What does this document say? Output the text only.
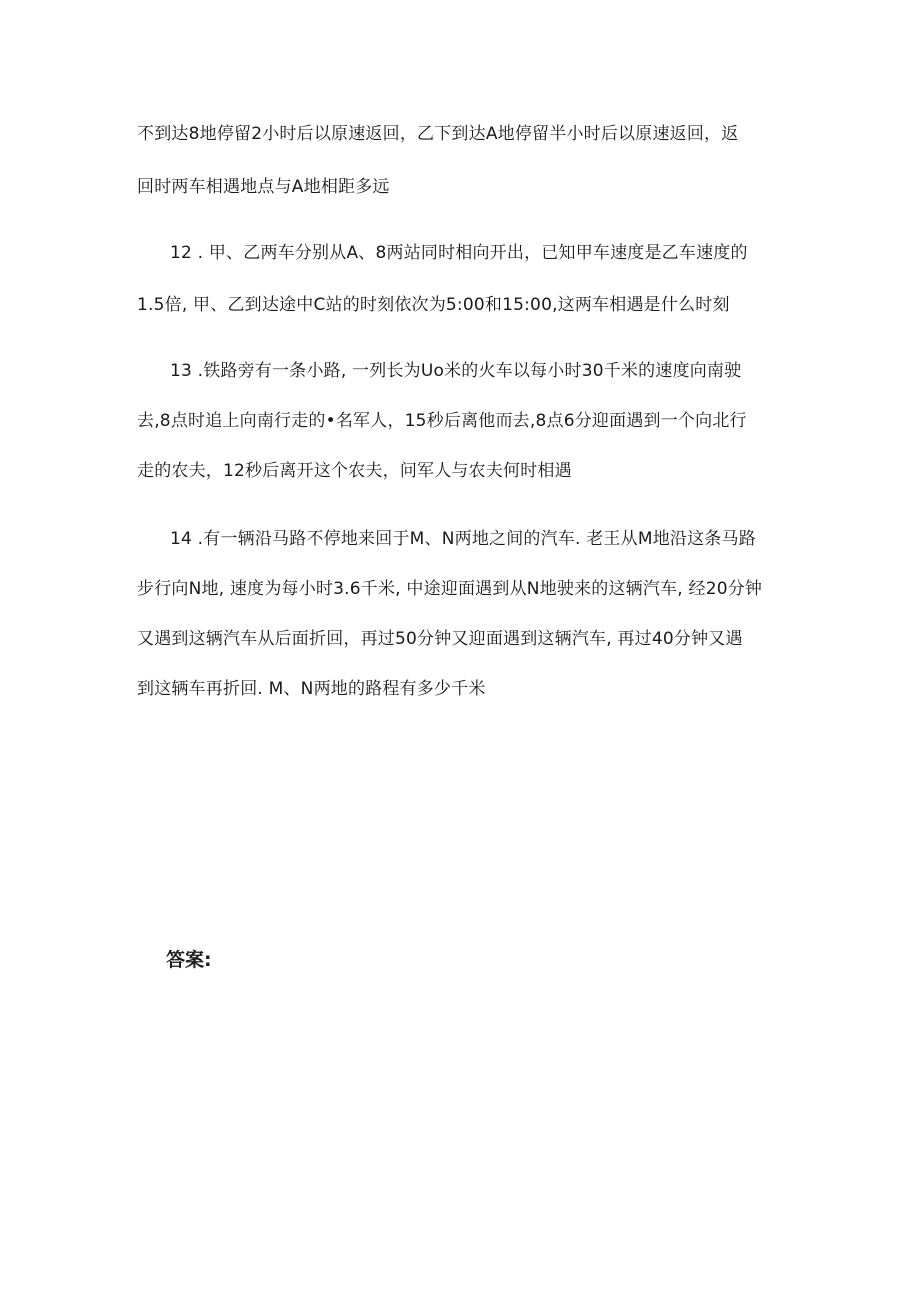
不到达8地停留2小时后以原速返回，乙下到达A地停留半小时后以原速返回，返
回时两车相遇地点与A地相距多远
12 . 甲、乙两车分别从A、8两站同时相向开出，已知甲车速度是乙车速度的
1.5倍, 甲、乙到达途中C站的时刻依次为5:00和15:00,这两车相遇是什么时刻
13 .铁路旁有一条小路, 一列长为Uo米的火车以每小时30千米的速度向南驶
去,8点时追上向南行走的•名军人，15秒后离他而去,8点6分迎面遇到一个向北行
走的农夫，12秒后离开这个农夫，问军人与农夫何时相遇
14 .有一辆沿马路不停地来回于M、N两地之间的汽车. 老王从M地沿这条马路
步行向N地, 速度为每小时3.6千米, 中途迎面遇到从N地驶来的这辆汽车, 经20分钟
又遇到这辆汽车从后面折回，再过50分钟又迎面遇到这辆汽车, 再过40分钟又遇
到这辆车再折回. M、N两地的路程有多少千米
答案:
